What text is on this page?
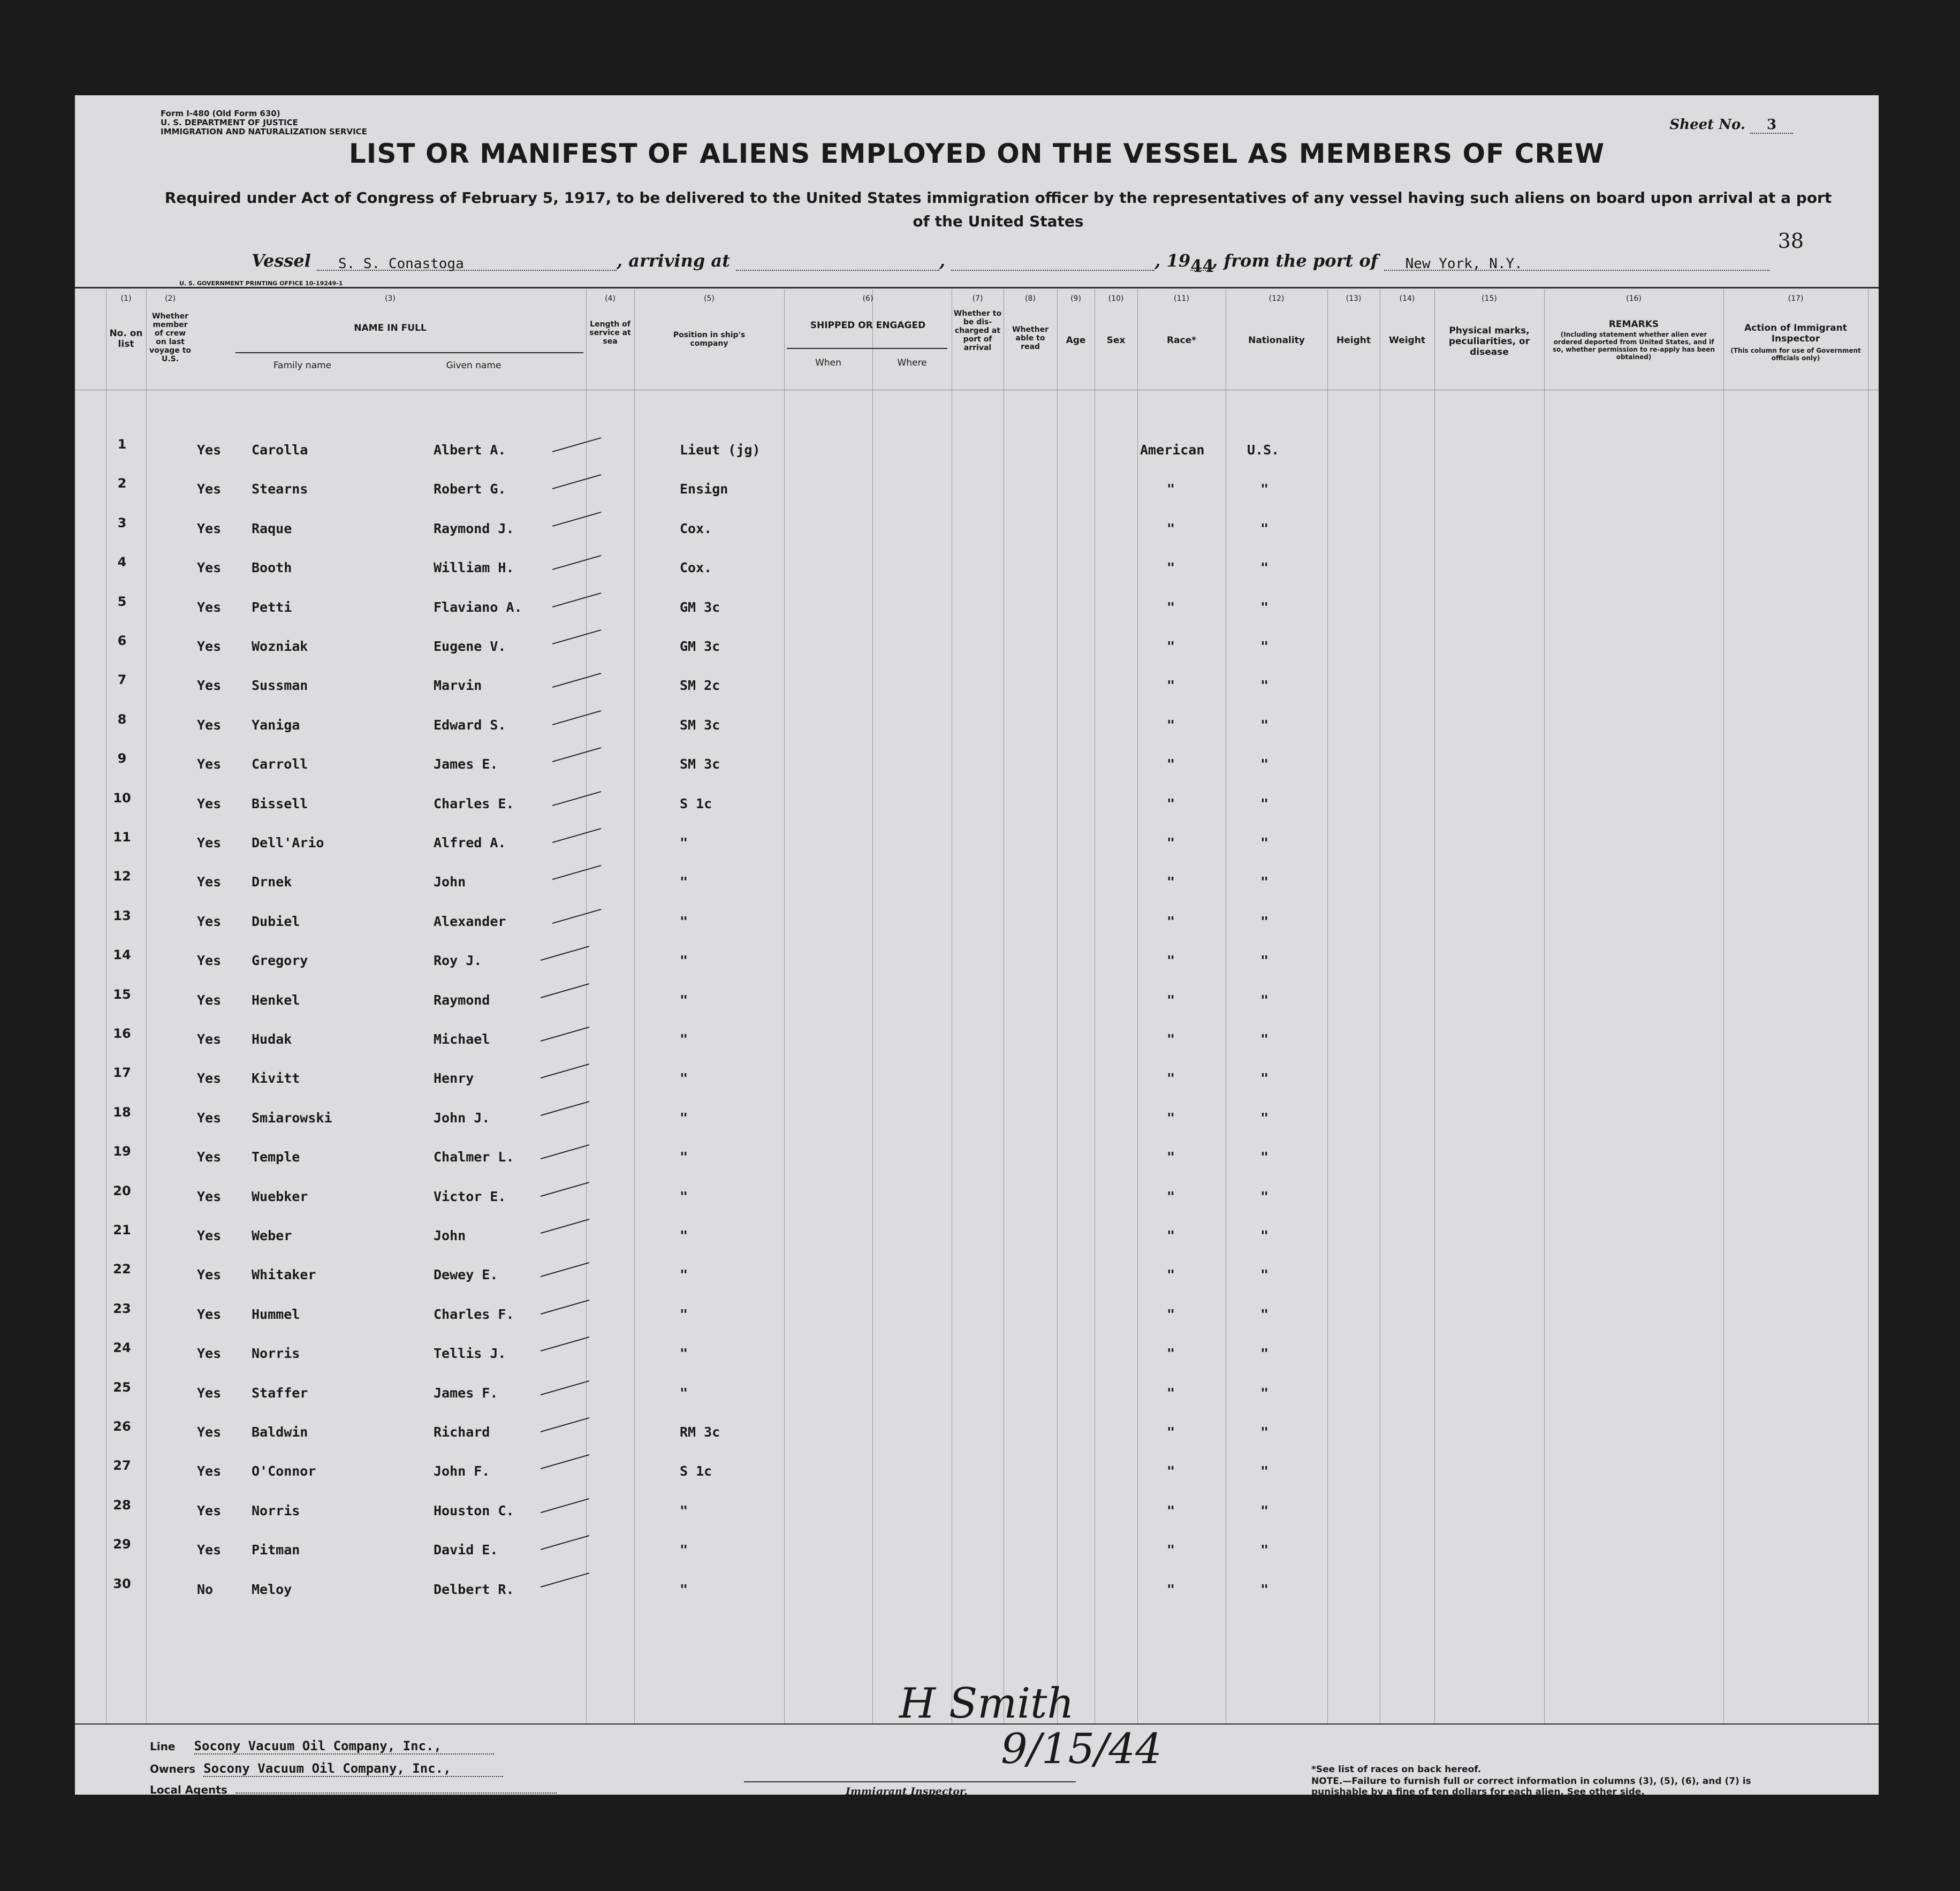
Form I-480 (Old Form 630)
U. S. DEPARTMENT OF JUSTICE
IMMIGRATION AND NATURALIZATION SERVICE	Sheet No. 3
LIST OR MANIFEST OF ALIENS EMPLOYED ON THE VESSEL AS MEMBERS OF CREW
Required under Act of Congress of February 5, 1917, to be delivered to the United States immigration officer by the representatives of any vessel having such aliens on board upon arrival at a port of the United States
38
Vessel S. S. Conastoga	, arriving at	,	, 1944, from the port of New York, N.Y.
U. S. GOVERNMENT PRINTING OFFICE 10-19249-1
(1)
No. on list
(2)
Whether member of crew on last voyage to U.S.
(3)
NAME IN FULL
Family name	Given name
(4)
Length of service at sea
(5)
Position in ship's company
(6)
SHIPPED OR ENGAGED
When	Where
(7)
Whether to be dis-charged at port of arrival
(8)
Whether able to read
(9)
Age
(10)
Sex
(11)
Race*
(12)
Nationality
(13)
Height
(14)
Weight
(15)
Physical marks, peculiarities, or disease
(16)
REMARKS
(Including statement whether alien ever ordered deported from United States, and if so, whether permission to re-apply has been obtained)
(17)
Action of Immigrant Inspector
(This column for use of Government officials only)
1	Yes Carolla	Albert A.	Lieut (jg)	American	U.S.
2	Yes Stearns	Robert G.	Ensign	"	"
3	Yes Raque	Raymond J.	Cox.	"	"
4	Yes Booth	William H.	Cox.	"	"
5	Yes Petti	Flaviano A.	GM 3c	"	"
6	Yes Wozniak	Eugene V.	GM 3c	"	"
7	Yes Sussman	Marvin	SM 2c	"	"
8	Yes Yaniga	Edward S.	SM 3c	"	"
9	Yes Carroll	James E.	SM 3c	"	"
10	Yes Bissell	Charles E.	S 1c	"	"
11	Yes Dell'Ario	Alfred A.	"	"	"
12	Yes Drnek	John	"	"	"
13	Yes Dubiel	Alexander	"	"	"
14	Yes Gregory	Roy J.	"	"	"
15	Yes Henkel	Raymond	"	"	"
16	Yes Hudak	Michael	"	"	"
17	Yes Kivitt	Henry	"	"	"
18	Yes Smiarowski	John J.	"	"	"
19	Yes Temple	Chalmer L.	"	"	"
20	Yes Wuebker	Victor E.	"	"	"
21	Yes Weber	John	"	"	"
22	Yes Whitaker	Dewey E.	"	"	"
23	Yes Hummel	Charles F.	"	"	"
24	Yes Norris	Tellis J.	"	"	"
25	Yes Staffer	James F.	"	"	"
26	Yes Baldwin	Richard	RM 3c	"	"
27	Yes O'Connor	John F.	S 1c	"	"
28	Yes Norris	Houston C.	"	"	"
29	Yes Pitman	David E.	"	"	"
30	No	Meloy	Delbert R.	"	"	"
Line Socony Vacuum Oil Company, Inc.,
Owners Socony Vacuum Oil Company, Inc.,
Local Agents
H Smith
9/15/44
Immigrant Inspector.
*See list of races on back hereof.
NOTE.—Failure to furnish full or correct information in columns (3), (5), (6), and (7) is punishable by a fine of ten dollars for each alien. See other side.
19—19349
